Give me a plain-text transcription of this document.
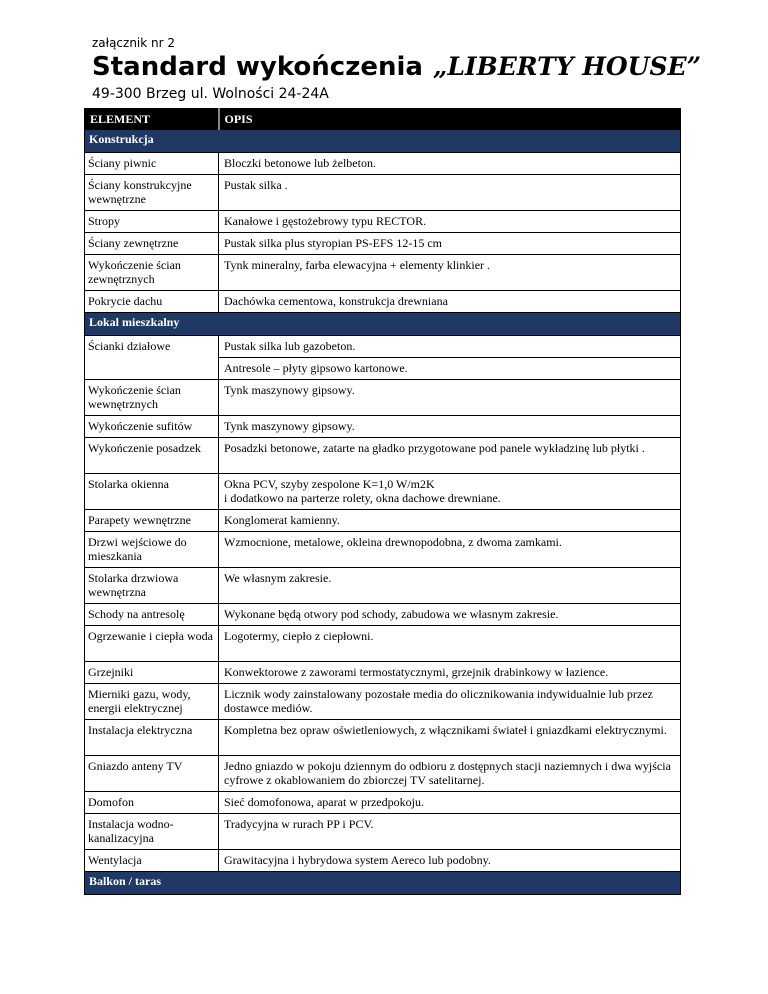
załącznik nr 2
Standard wykończenia „LIBERTY HOUSE”
49-300 Brzeg ul. Wolności 24-24A
ELEMENT	OPIS
Konstrukcja	
Ściany piwnic	Bloczki betonowe lub żelbeton.
Ściany konstrukcyjne wewnętrzne	Pustak silka .
Stropy	Kanałowe i gęstożebrowy typu RECTOR.
Ściany zewnętrzne	Pustak silka plus styropian PS-EFS 12-15 cm
Wykończenie ścian zewnętrznych	Tynk mineralny, farba elewacyjna + elementy klinkier .
Pokrycie dachu	Dachówka cementowa, konstrukcja drewniana
Lokal mieszkalny	
Ścianki działowe	Pustak silka lub gazobeton.
	Antresole – płyty gipsowo kartonowe.
Wykończenie ścian wewnętrznych	Tynk maszynowy gipsowy.
Wykończenie sufitów	Tynk maszynowy gipsowy.
Wykończenie posadzek	Posadzki betonowe, zatarte na gładko przygotowane pod panele wykładzinę lub płytki .
Stolarka okienna	Okna PCV, szyby zespolone K=1,0 W/m2K
i dodatkowo na parterze rolety, okna dachowe drewniane.
Parapety wewnętrzne	Konglomerat kamienny.
Drzwi wejściowe do mieszkania	Wzmocnione, metalowe, okleina drewnopodobna, z dwoma zamkami.
Stolarka drzwiowa wewnętrzna	We własnym zakresie.
Schody na antresolę	Wykonane będą otwory pod schody, zabudowa we własnym zakresie.
Ogrzewanie i ciepła woda	Logotermy, ciepło z ciepłowni.
Grzejniki	Konwektorowe z zaworami termostatycznymi, grzejnik drabinkowy w łazience.
Mierniki gazu, wody, energii elektrycznej	Licznik wody zainstalowany pozostałe media do olicznikowania indywidualnie lub przez dostawce mediów.
Instalacja elektryczna	Kompletna bez opraw oświetleniowych, z włącznikami świateł i gniazdkami elektrycznymi.
Gniazdo anteny TV	Jedno gniazdo w pokoju dziennym do odbioru z dostępnych stacji naziemnych i dwa wyjścia cyfrowe z okablowaniem do zbiorczej TV satelitarnej.
Domofon	Sieć domofonowa, aparat w przedpokoju.
Instalacja wodno-kanalizacyjna	Tradycyjna w rurach PP i PCV.
Wentylacja	Grawitacyjna i hybrydowa system Aereco lub podobny.
Balkon / taras	
